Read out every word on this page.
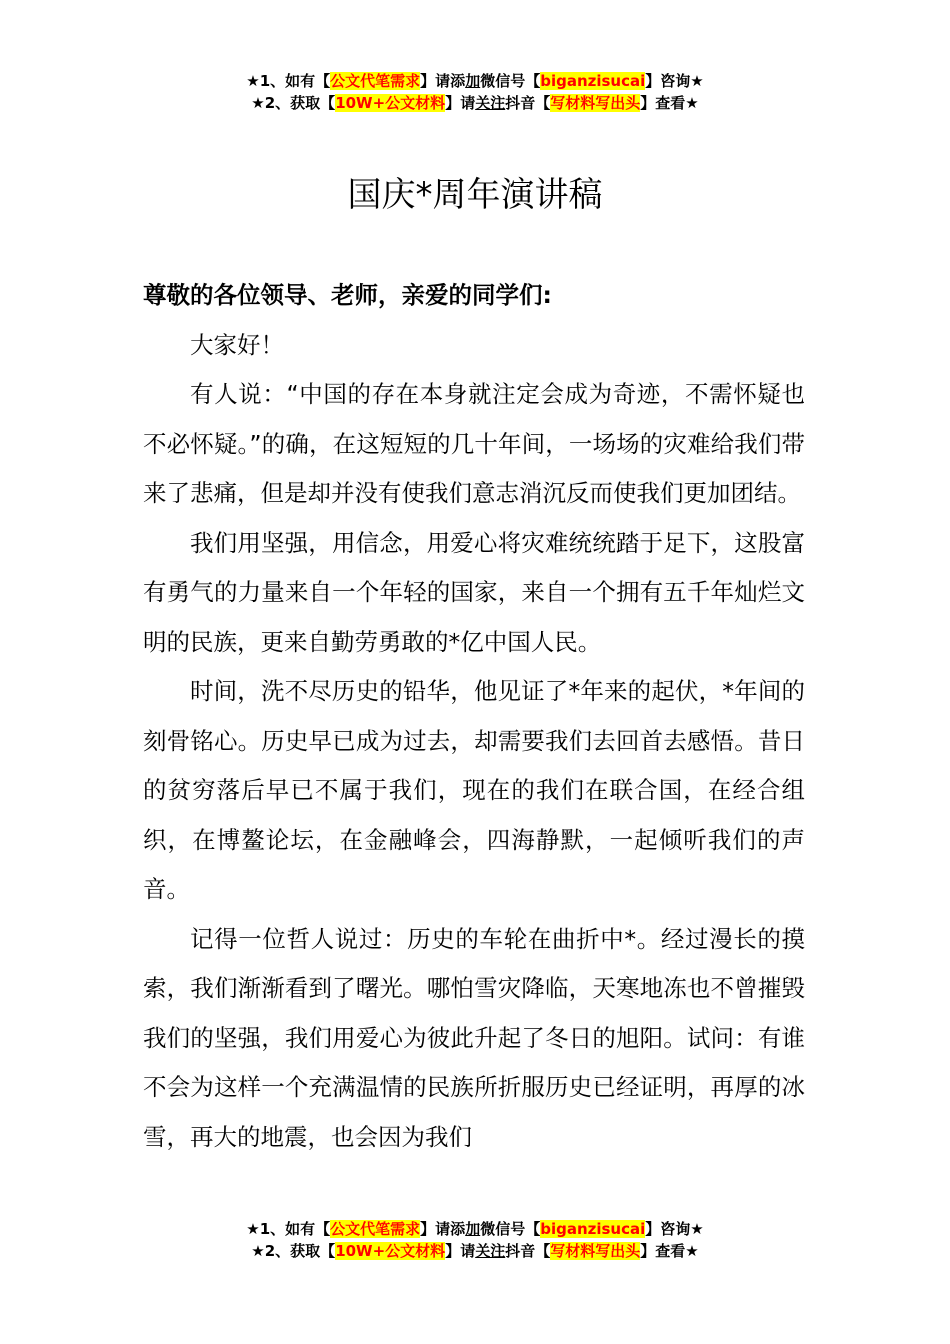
★1、如有【公文代笔需求】请添加微信号【biganzisucai】咨询★
★2、获取【10W+公文材料】请关注抖音【写材料写出头】查看★
国庆*周年演讲稿

尊敬的各位领导、老师，亲爱的同学们:

大家好！

有人说：“中国的存在本身就注定会成为奇迹，不需怀疑也不必怀疑。”的确，在这短短的几十年间，一场场的灾难给我们带来了悲痛，但是却并没有使我们意志消沉反而使我们更加团结。

我们用坚强，用信念，用爱心将灾难统统踏于足下，这股富有勇气的力量来自一个年轻的国家，来自一个拥有五千年灿烂文明的民族，更来自勤劳勇敢的*亿中国人民。

时间，洗不尽历史的铅华，他见证了*年来的起伏，*年间的刻骨铭心。历史早已成为过去，却需要我们去回首去感悟。昔日的贫穷落后早已不属于我们，现在的我们在联合国，在经合组织，在博鳌论坛，在金融峰会，四海静默，一起倾听我们的声音。

记得一位哲人说过：历史的车轮在曲折中*。经过漫长的摸索，我们渐渐看到了曙光。哪怕雪灾降临，天寒地冻也不曾摧毁我们的坚强，我们用爱心为彼此升起了冬日的旭阳。试问：有谁不会为这样一个充满温情的民族所折服历史已经证明，再厚的冰雪，再大的地震，也会因为我们

★1、如有【公文代笔需求】请添加微信号【biganzisucai】咨询★
★2、获取【10W+公文材料】请关注抖音【写材料写出头】查看★
